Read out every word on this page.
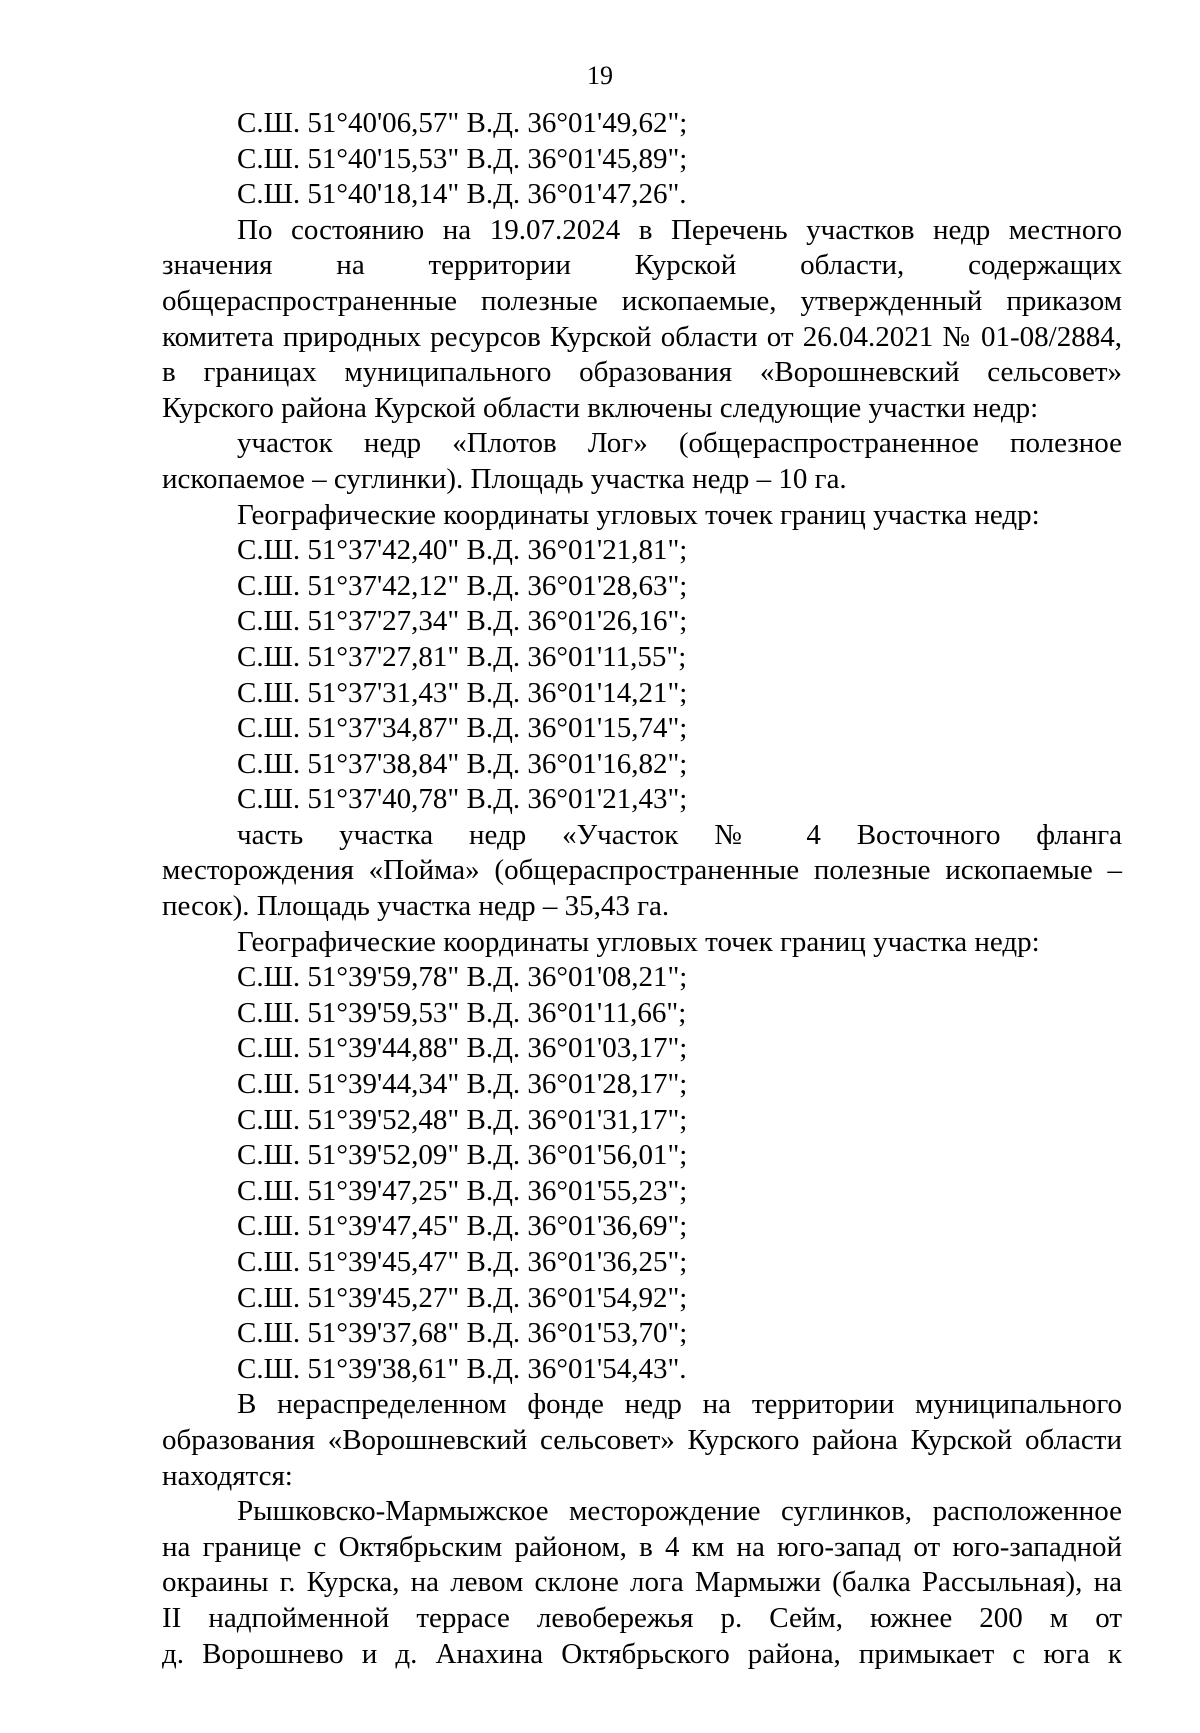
19
С.Ш. 51°40'06,57" В.Д. 36°01'49,62";
С.Ш. 51°40'15,53" В.Д. 36°01'45,89";
С.Ш. 51°40'18,14" В.Д. 36°01'47,26".
По состоянию на 19.07.2024 в Перечень участков недр местного
значения на территории Курской области, содержащих
общераспространенные полезные ископаемые, утвержденный приказом
комитета природных ресурсов Курской области от 26.04.2021 № 01-08/2884,
в границах муниципального образования «Ворошневский сельсовет»
Курского района Курской области включены следующие участки недр:
участок недр «Плотов Лог» (общераспространенное полезное
ископаемое – суглинки). Площадь участка недр – 10 га.
Географические координаты угловых точек границ участка недр:
С.Ш. 51°37'42,40" В.Д. 36°01'21,81";
С.Ш. 51°37'42,12" В.Д. 36°01'28,63";
С.Ш. 51°37'27,34" В.Д. 36°01'26,16";
С.Ш. 51°37'27,81" В.Д. 36°01'11,55";
С.Ш. 51°37'31,43" В.Д. 36°01'14,21";
С.Ш. 51°37'34,87" В.Д. 36°01'15,74";
С.Ш. 51°37'38,84" В.Д. 36°01'16,82";
С.Ш. 51°37'40,78" В.Д. 36°01'21,43";
часть участка недр «Участок № 4 Восточного фланга
месторождения «Пойма» (общераспространенные полезные ископаемые –
песок). Площадь участка недр – 35,43 га.
Географические координаты угловых точек границ участка недр:
С.Ш. 51°39'59,78" В.Д. 36°01'08,21";
С.Ш. 51°39'59,53" В.Д. 36°01'11,66";
С.Ш. 51°39'44,88" В.Д. 36°01'03,17";
С.Ш. 51°39'44,34" В.Д. 36°01'28,17";
С.Ш. 51°39'52,48" В.Д. 36°01'31,17";
С.Ш. 51°39'52,09" В.Д. 36°01'56,01";
С.Ш. 51°39'47,25" В.Д. 36°01'55,23";
С.Ш. 51°39'47,45" В.Д. 36°01'36,69";
С.Ш. 51°39'45,47" В.Д. 36°01'36,25";
С.Ш. 51°39'45,27" В.Д. 36°01'54,92";
С.Ш. 51°39'37,68" В.Д. 36°01'53,70";
С.Ш. 51°39'38,61" В.Д. 36°01'54,43".
В нераспределенном фонде недр на территории муниципального
образования «Ворошневский сельсовет» Курского района Курской области
находятся:
Рышковско-Мармыжское месторождение суглинков, расположенное
на границе с Октябрьским районом, в 4 км на юго-запад от юго-западной
окраины г. Курска, на левом склоне лога Мармыжи (балка Рассыльная), на
II надпойменной террасе левобережья р. Сейм, южнее 200 м от
д. Ворошнево и д. Анахина Октябрьского района, примыкает с юга к
